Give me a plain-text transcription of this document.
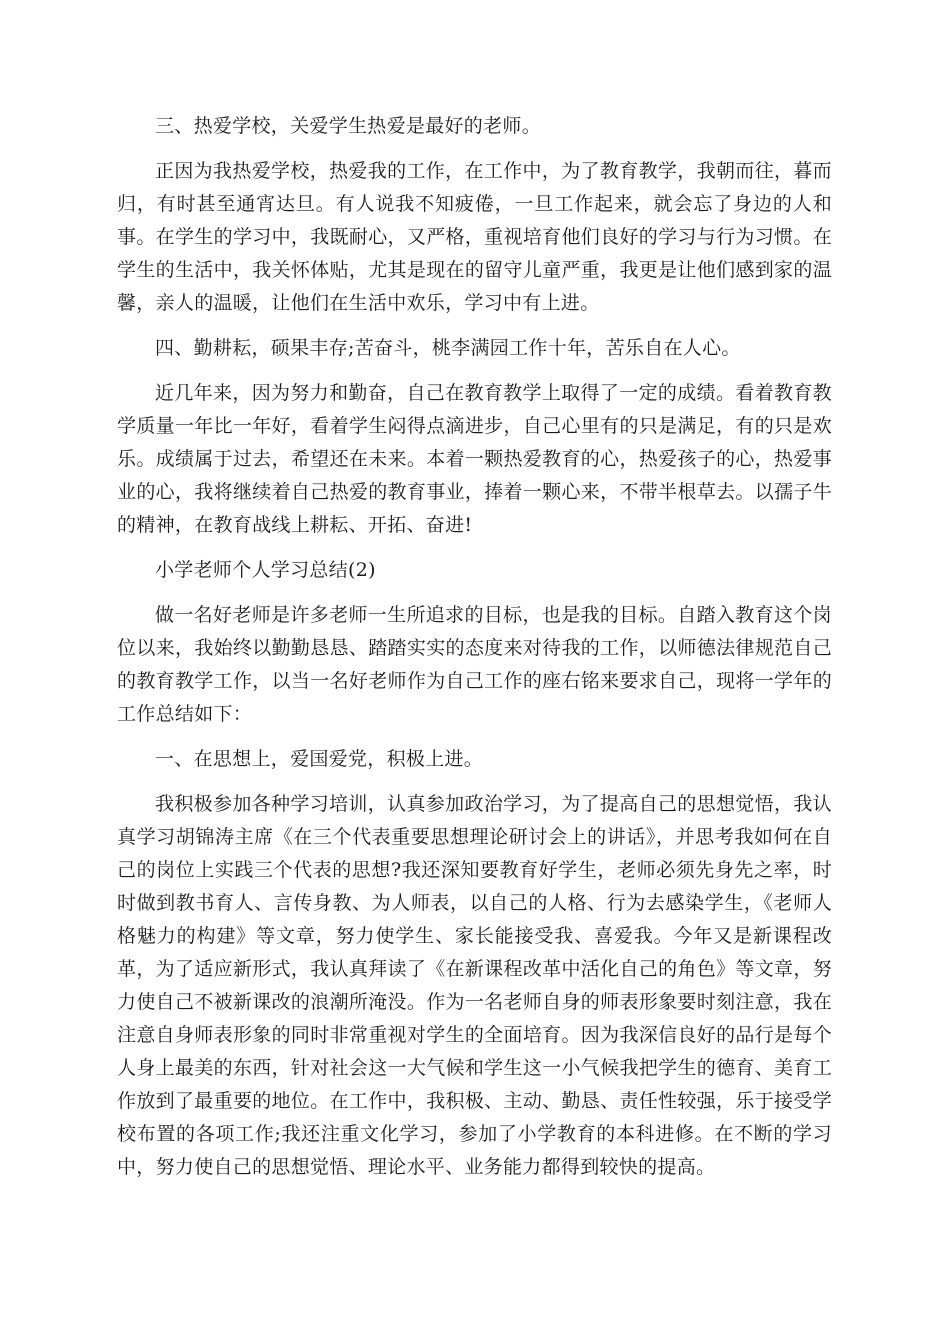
三、热爱学校，关爱学生热爱是最好的老师。

正因为我热爱学校，热爱我的工作，在工作中，为了教育教学，我朝而往，暮而归，有时甚至通宵达旦。有人说我不知疲倦，一旦工作起来，就会忘了身边的人和事。在学生的学习中，我既耐心，又严格，重视培育他们良好的学习与行为习惯。在学生的生活中，我关怀体贴，尤其是现在的留守儿童严重，我更是让他们感到家的温馨，亲人的温暖，让他们在生活中欢乐，学习中有上进。

四、勤耕耘，硕果丰存;苦奋斗，桃李满园工作十年，苦乐自在人心。

近几年来，因为努力和勤奋，自己在教育教学上取得了一定的成绩。看着教育教学质量一年比一年好，看着学生闷得点滴进步，自己心里有的只是满足，有的只是欢乐。成绩属于过去，希望还在未来。本着一颗热爱教育的心，热爱孩子的心，热爱事业的心，我将继续着自己热爱的教育事业，捧着一颗心来，不带半根草去。以孺子牛的精神，在教育战线上耕耘、开拓、奋进!

小学老师个人学习总结(2)

做一名好老师是许多老师一生所追求的目标，也是我的目标。自踏入教育这个岗位以来，我始终以勤勤恳恳、踏踏实实的态度来对待我的工作，以师德法律规范自己的教育教学工作，以当一名好老师作为自己工作的座右铭来要求自己，现将一学年的工作总结如下：

一、在思想上，爱国爱党，积极上进。

我积极参加各种学习培训，认真参加政治学习，为了提高自己的思想觉悟，我认真学习胡锦涛主席《在三个代表重要思想理论研讨会上的讲话》，并思考我如何在自己的岗位上实践三个代表的思想?我还深知要教育好学生，老师必须先身先之率，时时做到教书育人、言传身教、为人师表，以自己的人格、行为去感染学生，《老师人格魅力的构建》等文章，努力使学生、家长能接受我、喜爱我。今年又是新课程改革，为了适应新形式，我认真拜读了《在新课程改革中活化自己的角色》等文章，努力使自己不被新课改的浪潮所淹没。作为一名老师自身的师表形象要时刻注意，我在注意自身师表形象的同时非常重视对学生的全面培育。因为我深信良好的品行是每个人身上最美的东西，针对社会这一大气候和学生这一小气候我把学生的德育、美育工作放到了最重要的地位。在工作中，我积极、主动、勤恳、责任性较强，乐于接受学校布置的各项工作;我还注重文化学习，参加了小学教育的本科进修。在不断的学习中，努力使自己的思想觉悟、理论水平、业务能力都得到较快的提高。
